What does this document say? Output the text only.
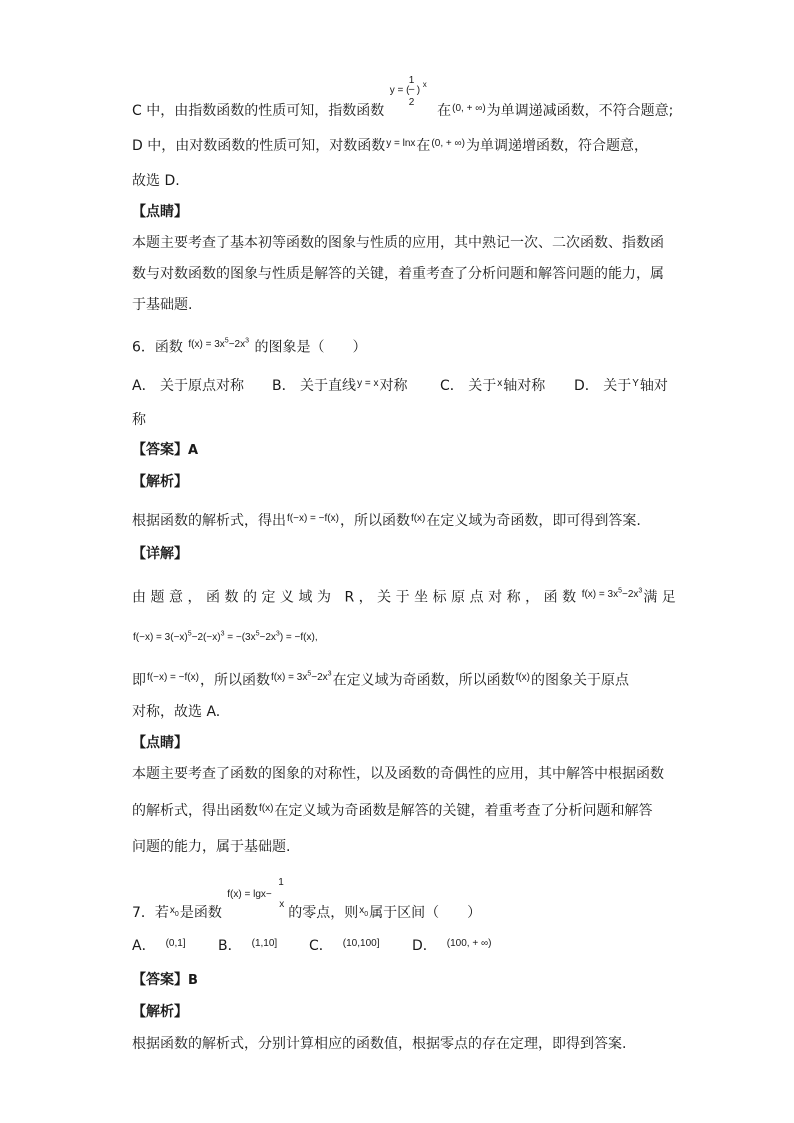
C 中，由指数函数的性质可知，指数函数
y = (
1
–
2
)
x
在$^{(0, + \infty)}$为单调递减函数，不符合题意;
D 中，由对数函数的性质可知，对数函数$^{y = lnx}$在$^{(0, + \infty)}$为单调递增函数，符合题意，
故选 D.
【点睛】
本题主要考查了基本初等函数的图象与性质的应用，其中熟记一次、二次函数、指数函
数与对数函数的图象与性质是解答的关键，着重考查了分析问题和解答问题的能力，属
于基础题.
6．函数 $^{f(x) = 3x^5-2x^3}$ 的图象是（　　）
A． 关于原点对称 B． 关于直线$^{y = x}$对称 C． 关于$^x$轴对称 D． 关于$^Y$轴对
称
【答案】A
【解析】
根据函数的解析式，得出$^{f(-x) = -f(x)}$，所以函数$^{f(x)}$在定义域为奇函数，即可得到答案.
【详解】
由题意，函数的定义域为 R，关于坐标原点对称，函数$^{f(x) = 3x^5-2x^3}$满足
$f(-x) = 3(-x)^5-2(-x)^3 = -(3x^5-2x^3) = -f(x)$,
即$^{f(-x) = -f(x)}$，所以函数$^{f(x) = 3x^5-2x^3}$在定义域为奇函数，所以函数$^{f(x)}$的图象关于原点
对称，故选 A.
【点睛】
本题主要考查了函数的图象的对称性，以及函数的奇偶性的应用，其中解答中根据函数
的解析式，得出函数$^{f(x)}$在定义域为奇函数是解答的关键，着重考查了分析问题和解答
问题的能力，属于基础题.
7．若$^{x_0}$是函数
f(x) = lgx−
1
x
的零点，则$^{x_0}$属于区间（　　）
A． $^{(0,1]}$ B． $^{(1,10]}$ C． $^{(10,100]}$ D． $^{(100, + \infty)}$
【答案】B
【解析】
根据函数的解析式，分别计算相应的函数值，根据零点的存在定理，即得到答案.
